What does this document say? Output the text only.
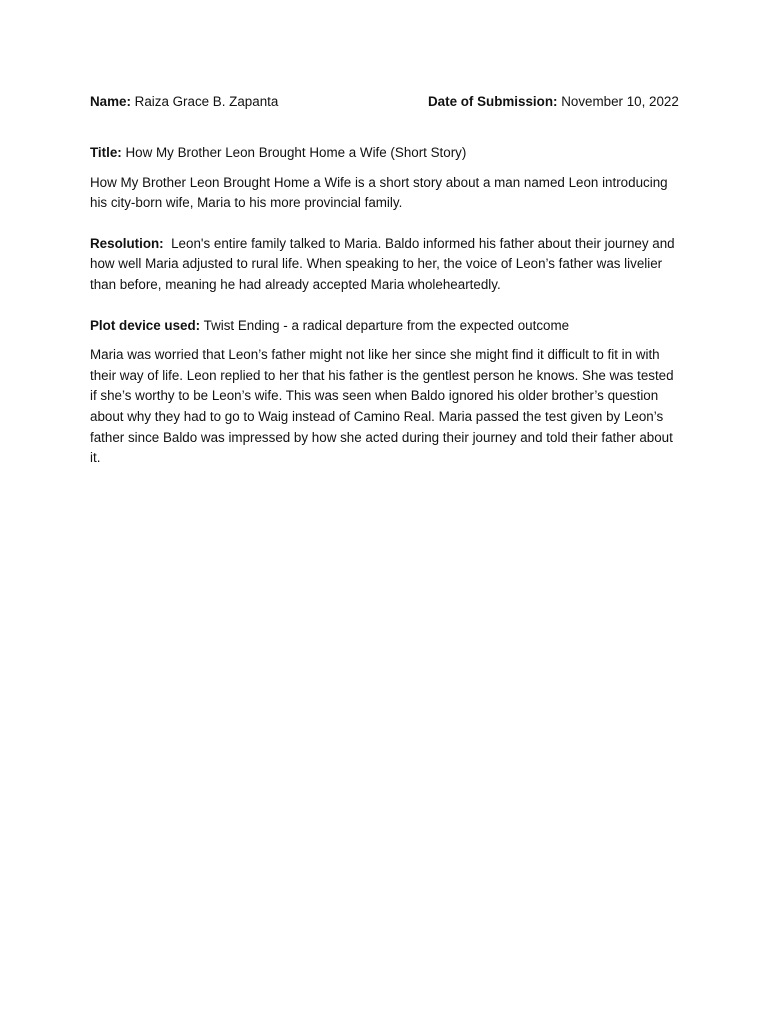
Name: Raiza Grace B. Zapanta	Date of Submission: November 10, 2022

Title: How My Brother Leon Brought Home a Wife (Short Story)

How My Brother Leon Brought Home a Wife is a short story about a man named Leon introducing his city-born wife, Maria to his more provincial family.

Resolution: Leon's entire family talked to Maria. Baldo informed his father about their journey and how well Maria adjusted to rural life. When speaking to her, the voice of Leon’s father was livelier than before, meaning he had already accepted Maria wholeheartedly.

Plot device used: Twist Ending - a radical departure from the expected outcome

Maria was worried that Leon’s father might not like her since she might find it difficult to fit in with their way of life. Leon replied to her that his father is the gentlest person he knows. She was tested if she’s worthy to be Leon’s wife. This was seen when Baldo ignored his older brother’s question about why they had to go to Waig instead of Camino Real. Maria passed the test given by Leon’s father since Baldo was impressed by how she acted during their journey and told their father about it.
